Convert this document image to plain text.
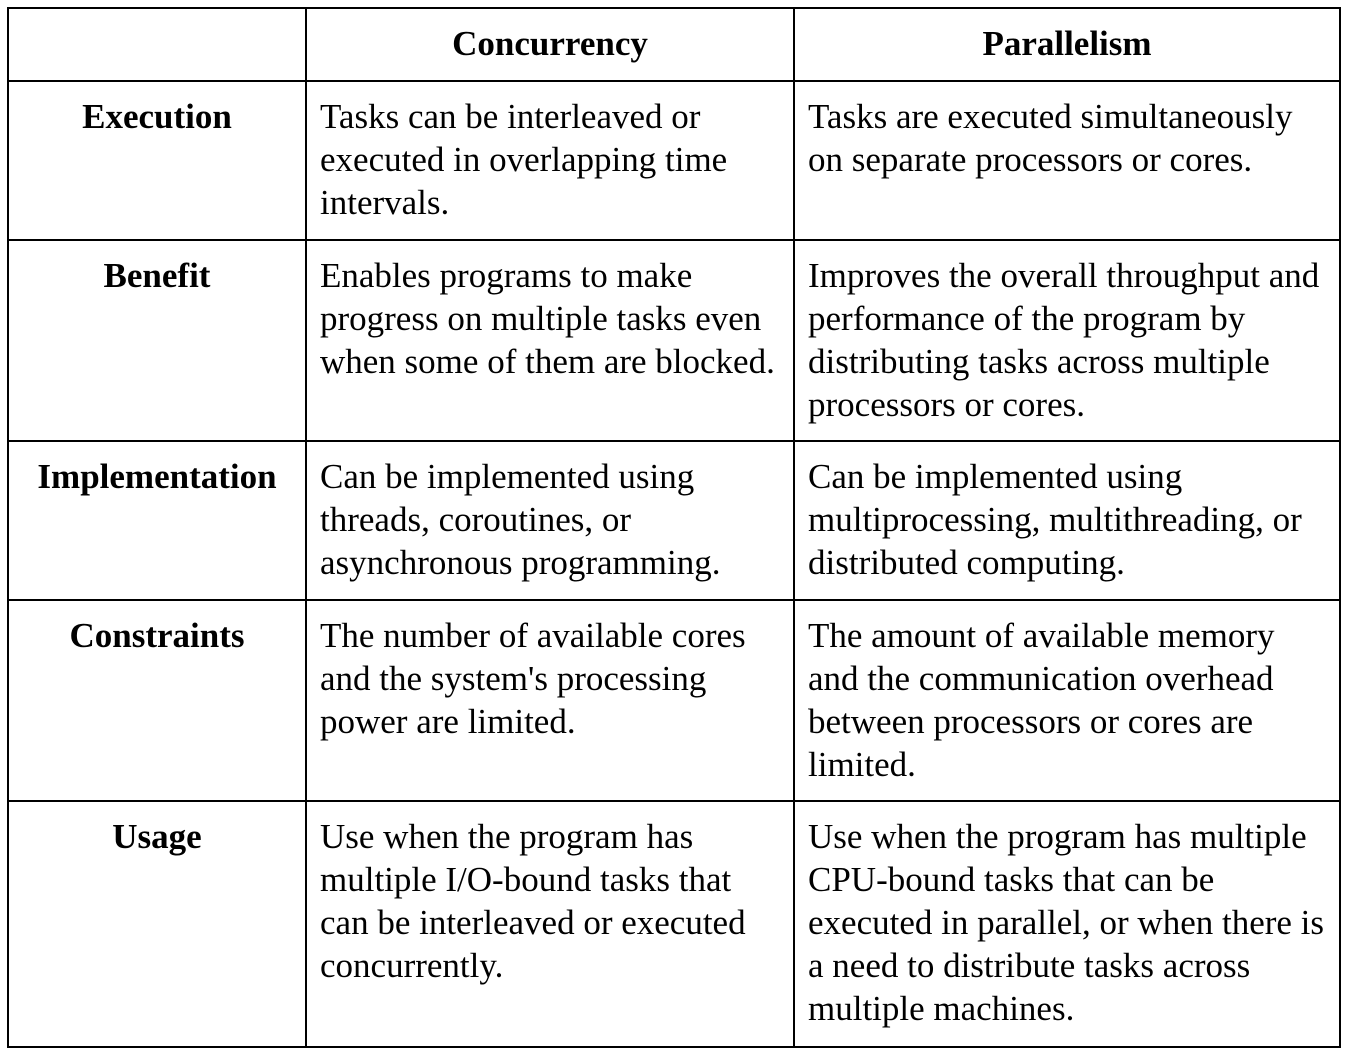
	Concurrency	Parallelism
Execution	Tasks can be interleaved or executed in overlapping time intervals.	Tasks are executed simultaneously on separate processors or cores.
Benefit	Enables programs to make progress on multiple tasks even when some of them are blocked.	Improves the overall throughput and performance of the program by distributing tasks across multiple processors or cores.
Implementation	Can be implemented using threads, coroutines, or asynchronous programming.	Can be implemented using multiprocessing, multithreading, or distributed computing.
Constraints	The number of available cores and the system's processing power are limited.	The amount of available memory and the communication overhead between processors or cores are limited.
Usage	Use when the program has multiple I/O-bound tasks that can be interleaved or executed concurrently.	Use when the program has multiple CPU-bound tasks that can be executed in parallel, or when there is a need to distribute tasks across multiple machines.
